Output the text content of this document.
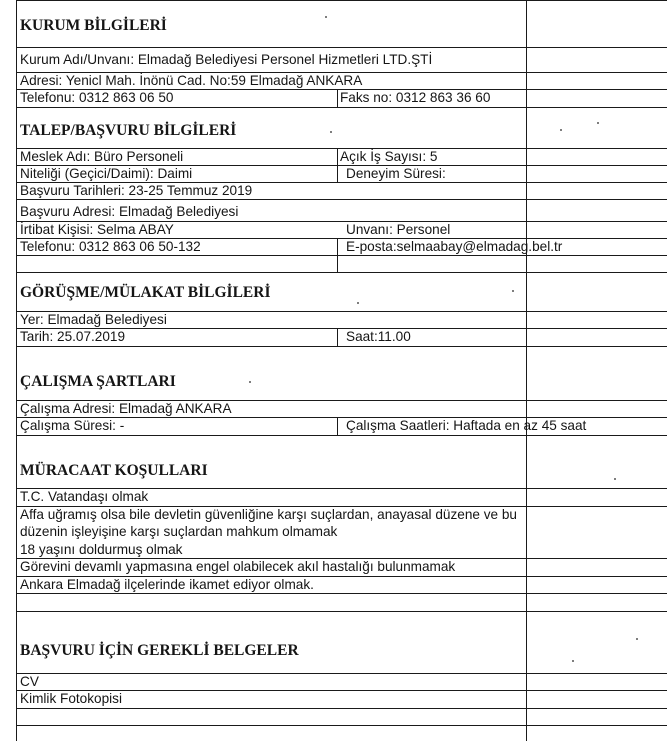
KURUM BİLGİLERİ
Kurum Adı/Unvanı: Elmadağ Belediyesi Personel Hizmetleri LTD.ŞTİ
Adresi: Yenicl Mah. İnönü Cad. No:59 Elmadağ ANKARA
Telefonu: 0312 863 06 50	Faks no: 0312 863 36 60
TALEP/BAŞVURU BİLGİLERİ
Meslek Adı: Büro Personeli	Açık İş Sayısı: 5
Niteliği (Geçici/Daimi): Daimi	Deneyim Süresi:
Başvuru Tarihleri: 23-25 Temmuz 2019
Başvuru Adresi: Elmadağ Belediyesi
İrtibat Kişisi: Selma ABAY	Unvanı: Personel
Telefonu: 0312 863 06 50-132	E-posta:selmaabay@elmadag.bel.tr
GÖRÜŞME/MÜLAKAT BİLGİLERİ
Yer: Elmadağ Belediyesi
Tarih: 25.07.2019	Saat:11.00
ÇALIŞMA ŞARTLARI
Çalışma Adresi: Elmadağ ANKARA
Çalışma Süresi: -	Çalışma Saatleri: Haftada en az 45 saat
MÜRACAAT KOŞULLARI
T.C. Vatandaşı olmak
Affa uğramış olsa bile devletin güvenliğine karşı suçlardan, anayasal düzene ve bu
düzenin işleyişine karşı suçlardan mahkum olmamak
18 yaşını doldurmuş olmak
Görevini devamlı yapmasına engel olabilecek akıl hastalığı bulunmamak
Ankara Elmadağ ilçelerinde ikamet ediyor olmak.
BAŞVURU İÇİN GEREKLİ BELGELER
CV
Kimlik Fotokopisi
